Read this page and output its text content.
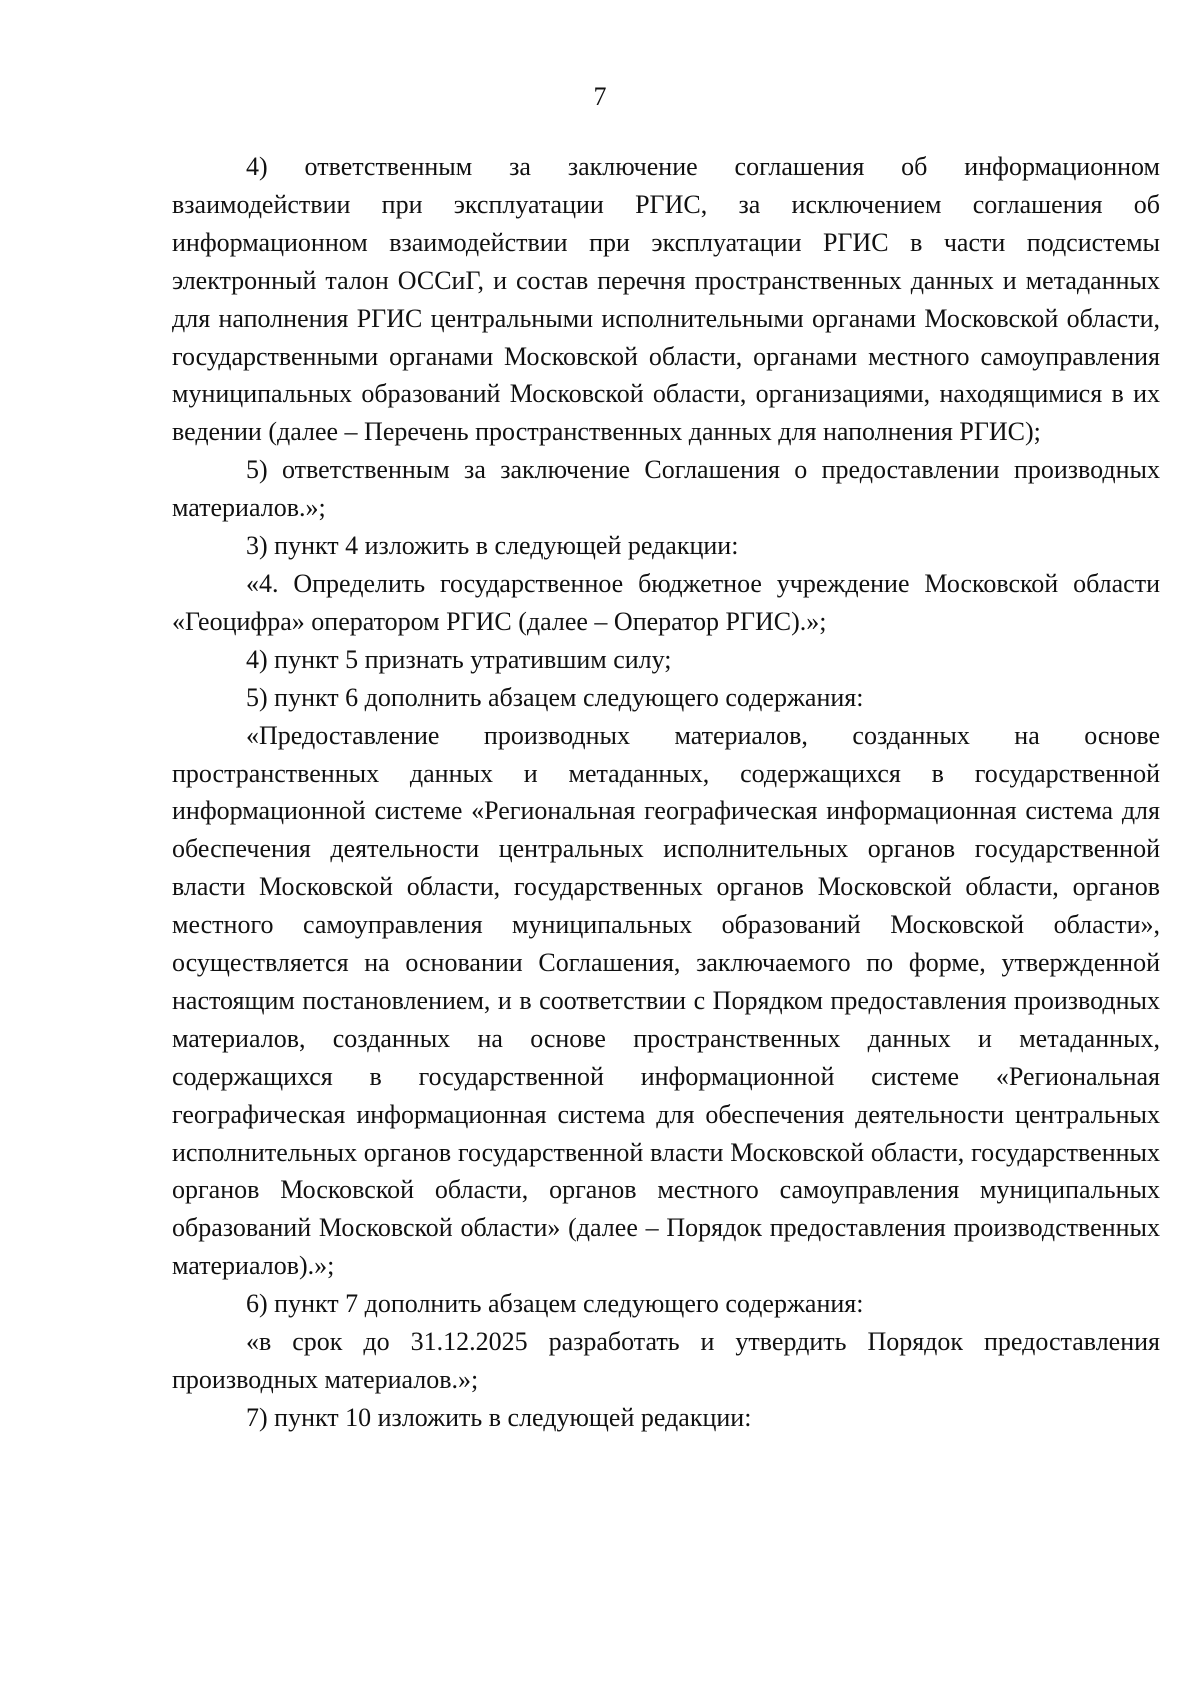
7

4) ответственным за заключение соглашения об информационном взаимодействии при эксплуатации РГИС, за исключением соглашения об информационном взаимодействии при эксплуатации РГИС в части подсистемы электронный талон ОССиГ, и состав перечня пространственных данных и метаданных для наполнения РГИС центральными исполнительными органами Московской области, государственными органами Московской области, органами местного самоуправления муниципальных образований Московской области, организациями, находящимися в их ведении (далее – Перечень пространственных данных для наполнения РГИС);

5) ответственным за заключение Соглашения о предоставлении производных материалов.»;

3) пункт 4 изложить в следующей редакции:

«4. Определить государственное бюджетное учреждение Московской области «Геоцифра» оператором РГИС (далее – Оператор РГИС).»;

4) пункт 5 признать утратившим силу;

5) пункт 6 дополнить абзацем следующего содержания:

«Предоставление производных материалов, созданных на основе пространственных данных и метаданных, содержащихся в государственной информационной системе «Региональная географическая информационная система для обеспечения деятельности центральных исполнительных органов государственной власти Московской области, государственных органов Московской области, органов местного самоуправления муниципальных образований Московской области», осуществляется на основании Соглашения, заключаемого по форме, утвержденной настоящим постановлением, и в соответствии с Порядком предоставления производных материалов, созданных на основе пространственных данных и метаданных, содержащихся в государственной информационной системе «Региональная географическая информационная система для обеспечения деятельности центральных исполнительных органов государственной власти Московской области, государственных органов Московской области, органов местного самоуправления муниципальных образований Московской области» (далее – Порядок предоставления производственных материалов).»;

6) пункт 7 дополнить абзацем следующего содержания:

«в срок до 31.12.2025 разработать и утвердить Порядок предоставления производных материалов.»;

7) пункт 10 изложить в следующей редакции:
